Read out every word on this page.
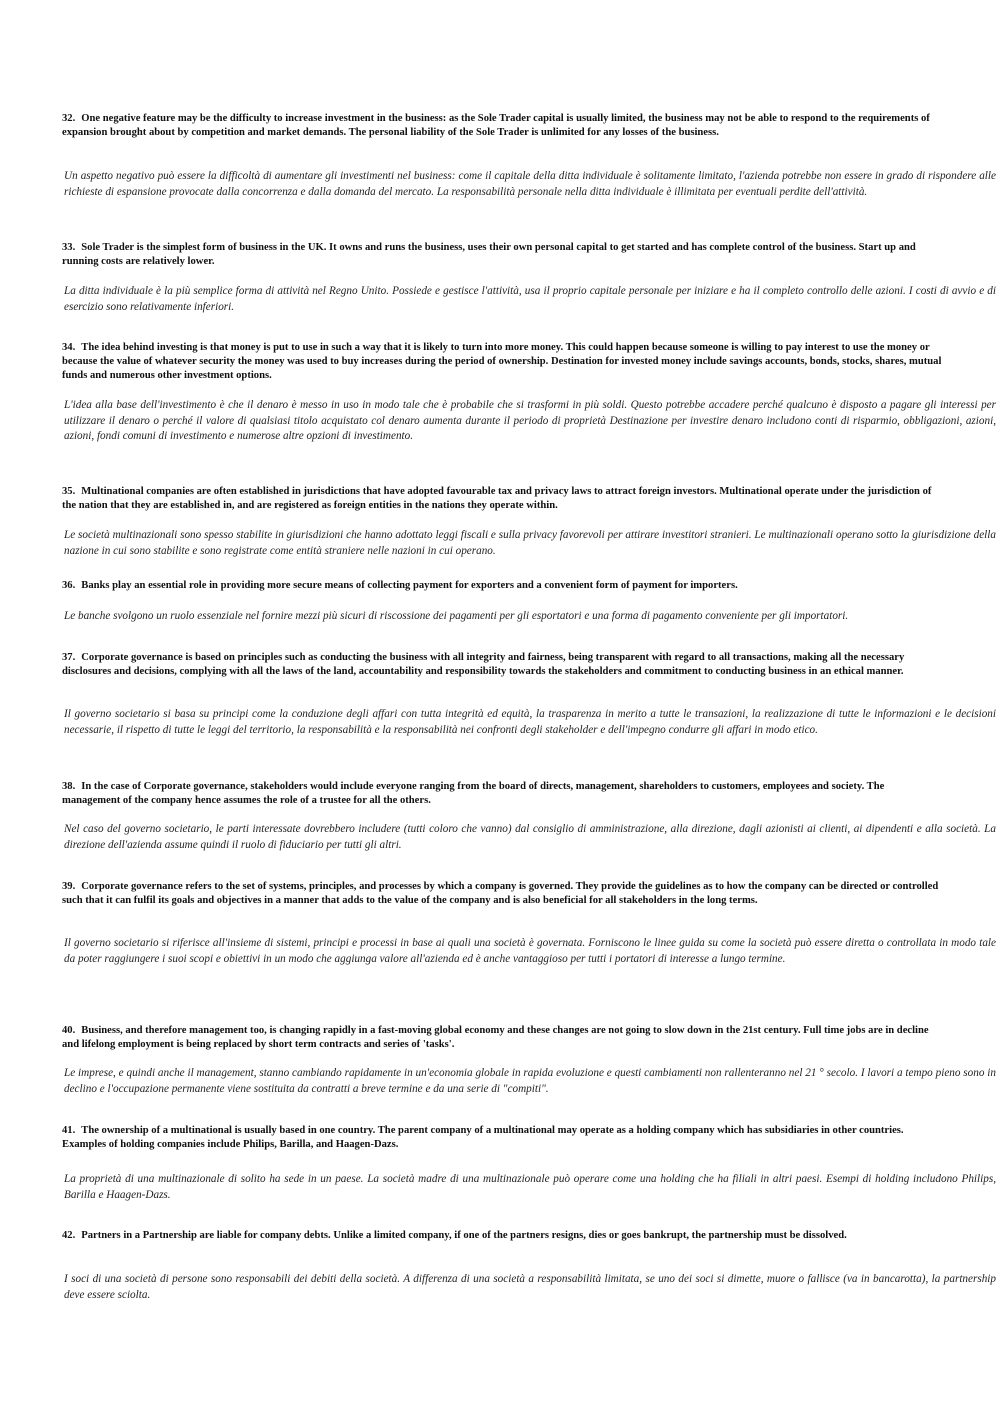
·

32. One negative feature may be the difficulty to increase investment in the business: as the Sole Trader capital is usually limited, the business may not be able to respond to the requirements of expansion brought about by competition and market demands. The personal liability of the Sole Trader is unlimited for any losses of the business.

Un aspetto negativo può essere la difficoltà di aumentare gli investimenti nel business: come il capitale della ditta individuale è solitamente limitato, l'azienda potrebbe non essere in grado di rispondere alle richieste di espansione provocate dalla concorrenza e dalla domanda del mercato. La responsabilità personale nella ditta individuale è illimitata per eventuali perdite dell'attività.

33. Sole Trader is the simplest form of business in the UK. It owns and runs the business, uses their own personal capital to get started and has complete control of the business. Start up and running costs are relatively lower.

La ditta individuale è la più semplice forma di attività nel Regno Unito. Possiede e gestisce l'attività, usa il proprio capitale personale per iniziare e ha il completo controllo delle azioni. I costi di avvio e di esercizio sono relativamente inferiori.

34. The idea behind investing is that money is put to use in such a way that it is likely to turn into more money. This could happen because someone is willing to pay interest to use the money or because the value of whatever security the money was used to buy increases during the period of ownership. Destination for invested money include savings accounts, bonds, stocks, shares, mutual funds and numerous other investment options.

L'idea alla base dell'investimento è che il denaro è messo in uso in modo tale che è probabile che si trasformi in più soldi. Questo potrebbe accadere perché qualcuno è disposto a pagare gli interessi per utilizzare il denaro o perché il valore di qualsiasi titolo acquistato col denaro aumenta durante il periodo di proprietà Destinazione per investire denaro includono conti di risparmio, obbligazioni, azioni, azioni, fondi comuni di investimento e numerose altre opzioni di investimento.

35. Multinational companies are often established in jurisdictions that have adopted favourable tax and privacy laws to attract foreign investors. Multinational operate under the jurisdiction of the nation that they are established in, and are registered as foreign entities in the nations they operate within.

Le società multinazionali sono spesso stabilite in giurisdizioni che hanno adottato leggi fiscali e sulla privacy favorevoli per attirare investitori stranieri. Le multinazionali operano sotto la giurisdizione della nazione in cui sono stabilite e sono registrate come entità straniere nelle nazioni in cui operano.

36. Banks play an essential role in providing more secure means of collecting payment for exporters and a convenient form of payment for importers.

Le banche svolgono un ruolo essenziale nel fornire mezzi più sicuri di riscossione dei pagamenti per gli esportatori e una forma di pagamento conveniente per gli importatori.

37. Corporate governance is based on principles such as conducting the business with all integrity and fairness, being transparent with regard to all transactions, making all the necessary disclosures and decisions, complying with all the laws of the land, accountability and responsibility towards the stakeholders and commitment to conducting business in an ethical manner.

Il governo societario si basa su principi come la conduzione degli affari con tutta integrità ed equità, la trasparenza in merito a tutte le transazioni, la realizzazione di tutte le informazioni e le decisioni necessarie, il rispetto di tutte le leggi del territorio, la responsabilità e la responsabilità nei confronti degli stakeholder e dell'impegno condurre gli affari in modo etico.

38. In the case of Corporate governance, stakeholders would include everyone ranging from the board of directs, management, shareholders to customers, employees and society. The management of the company hence assumes the role of a trustee for all the others.

Nel caso del governo societario, le parti interessate dovrebbero includere (tutti coloro che vanno) dal consiglio di amministrazione, alla direzione, dagli azionisti ai clienti, ai dipendenti e alla società. La direzione dell'azienda assume quindi il ruolo di fiduciario per tutti gli altri.

39. Corporate governance refers to the set of systems, principles, and processes by which a company is governed. They provide the guidelines as to how the company can be directed or controlled such that it can fulfil its goals and objectives in a manner that adds to the value of the company and is also beneficial for all stakeholders in the long terms.

Il governo societario si riferisce all'insieme di sistemi, principi e processi in base ai quali una società è governata. Forniscono le linee guida su come la società può essere diretta o controllata in modo tale da poter raggiungere i suoi scopi e obiettivi in un modo che aggiunga valore all'azienda ed è anche vantaggioso per tutti i portatori di interesse a lungo termine.

40. Business, and therefore management too, is changing rapidly in a fast-moving global economy and these changes are not going to slow down in the 21st century. Full time jobs are in decline and lifelong employment is being replaced by short term contracts and series of 'tasks'.

Le imprese, e quindi anche il management, stanno cambiando rapidamente in un'economia globale in rapida evoluzione e questi cambiamenti non rallenteranno nel 21 ° secolo. I lavori a tempo pieno sono in declino e l'occupazione permanente viene sostituita da contratti a breve termine e da una serie di "compiti".

41. The ownership of a multinational is usually based in one country. The parent company of a multinational may operate as a holding company which has subsidiaries in other countries. Examples of holding companies include Philips, Barilla, and Haagen-Dazs.

La proprietà di una multinazionale di solito ha sede in un paese. La società madre di una multinazionale può operare come una holding che ha filiali in altri paesi. Esempi di holding includono Philips, Barilla e Haagen-Dazs.

42. Partners in a Partnership are liable for company debts. Unlike a limited company, if one of the partners resigns, dies or goes bankrupt, the partnership must be dissolved.

I soci di una società di persone sono responsabili dei debiti della società. A differenza di una società a responsabilità limitata, se uno dei soci si dimette, muore o fallisce (va in bancarotta), la partnership deve essere sciolta.
